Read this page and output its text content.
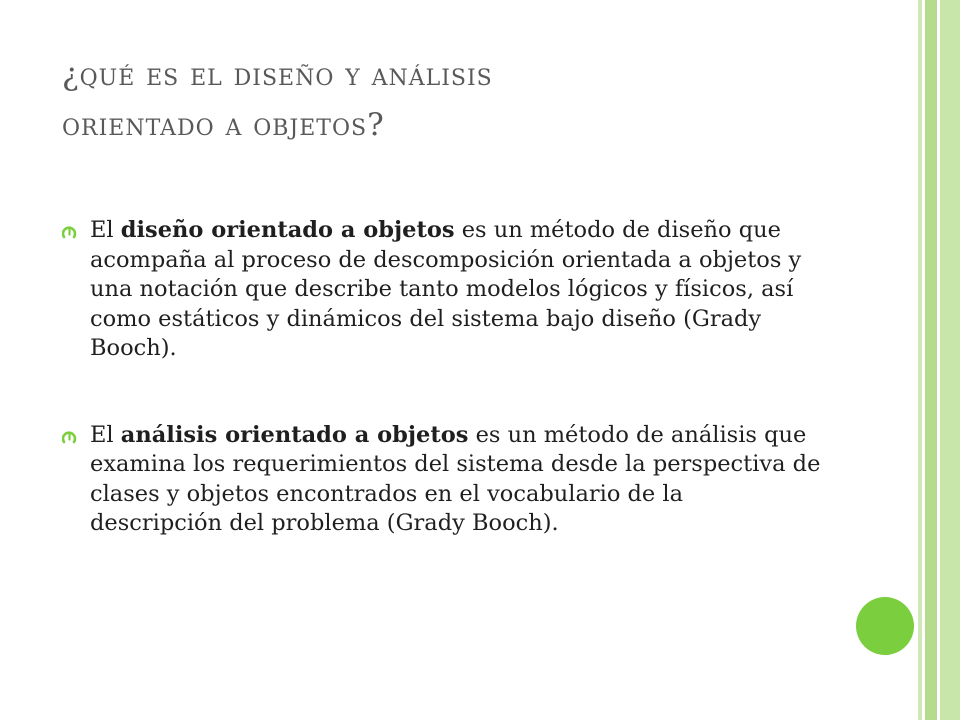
¿qué es el diseño y análisis
orientado a objetos?
El diseño orientado a objetos es un método de diseño que acompaña al proceso de descomposición orientada a objetos y una notación que describe tanto modelos lógicos y físicos, así como estáticos y dinámicos del sistema bajo diseño (Grady Booch).
El análisis orientado a objetos es un método de análisis que examina los requerimientos del sistema desde la perspectiva de clases y objetos encontrados en el vocabulario de la descripción del problema (Grady Booch).
